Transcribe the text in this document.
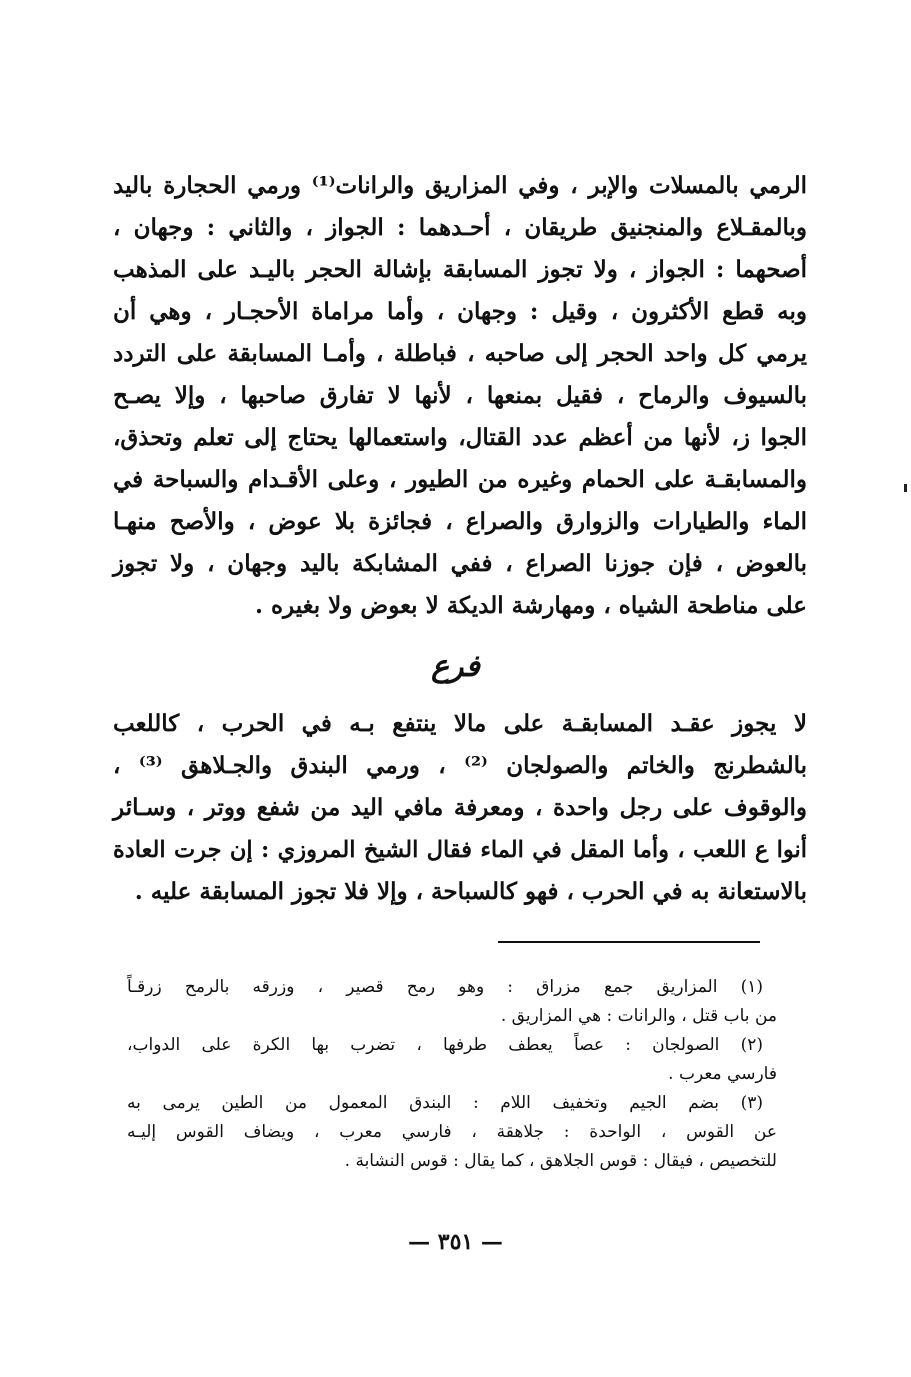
الرمي بالمسلات والإبر ، وفي المزاريق والرانات⁽¹⁾ ورمي الحجارة باليد
وبالمقـلاع والمنجنيق طريقان ، أحـدهما : الجواز ، والثاني : وجهان ،
أصحهما : الجواز ، ولا تجوز المسابقة بإشالة الحجر باليـد على المذهب
وبه قطع الأكثرون ، وقيل : وجهان ، وأما مراماة الأحجـار ، وهي أن
يرمي كل واحد الحجر إلى صاحبه ، فباطلة ، وأمـا المسابقة على التردد
بالسيوف والرماح ، فقيل بمنعها ، لأنها لا تفارق صاحبها ، وإلا يصـح
الجوا ز، لأنها من أعظم عدد القتال، واستعمالها يحتاج إلى تعلم وتحذق،
والمسابقـة على الحمام وغيره من الطيور ، وعلى الأقـدام والسباحة في
الماء والطيارات والزوارق والصراع ، فجائزة بلا عوض ، والأصح منهـا
بالعوض ، فإن جوزنا الصراع ، ففي المشابكة باليد وجهان ، ولا تجوز
على مناطحة الشياه ، ومهارشة الديكة لا بعوض ولا بغيره .
فرع
لا يجوز عقـد المسابقـة على مالا ينتفع بـه في الحرب ، كاللعب
بالشطرنج والخاتم والصولجان ⁽²⁾ ، ورمي البندق والجـلاهق ⁽³⁾ ،
والوقوف على رجل واحدة ، ومعرفة مافي اليد من شفع ووتر ، وسـائر
أنوا ع اللعب ، وأما المقل في الماء فقال الشيخ المروزي : إن جرت العادة
بالاستعانة به في الحرب ، فهو كالسباحة ، وإلا فلا تجوز المسابقة عليه .
(١) المزاريق جمع مزراق : وهو رمح قصير ، وزرقه بالرمح زرقـاً
من باب قتل ، والرانات : هي المزاريق .
(٢) الصولجان : عصاً يعطف طرفها ، تضرب بها الكرة على الدواب،
فارسي معرب .
(٣) بضم الجيم وتخفيف اللام : البندق المعمول من الطين يرمى به
عن القوس ، الواحدة : جلاهقة ، فارسي معرب ، ويضاف القوس إليـه
للتخصيص ، فيقال : قوس الجلاهق ، كما يقال : قوس النشابة .
— ٣٥١ —
